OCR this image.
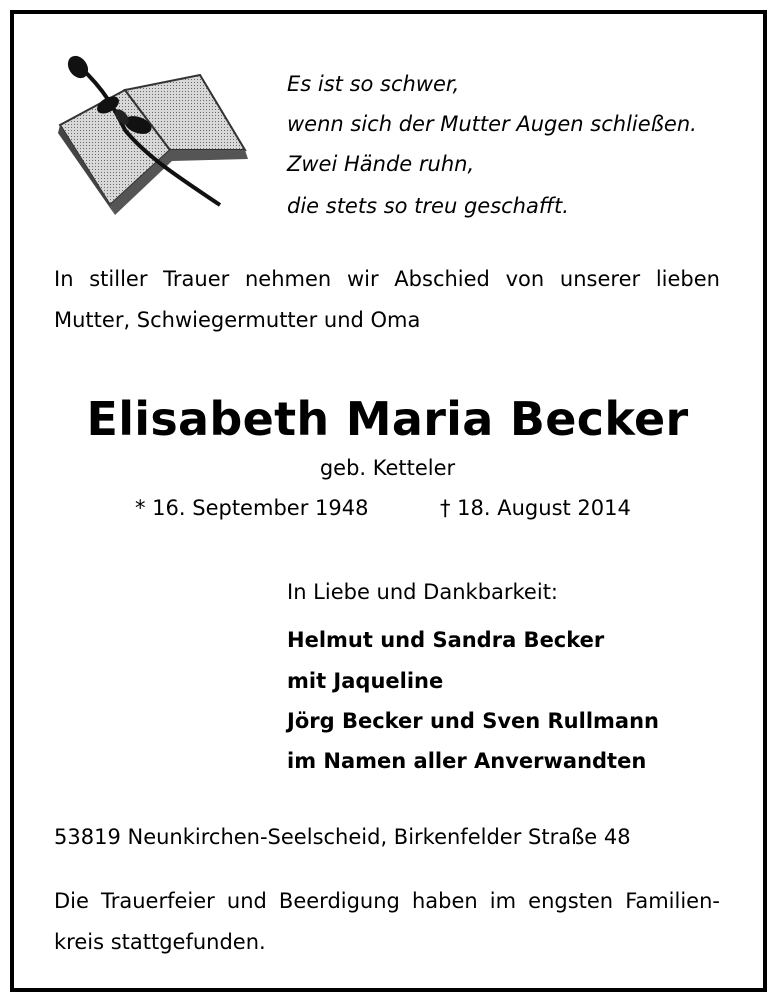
Es ist so schwer,
wenn sich der Mutter Augen schließen.
Zwei Hände ruhn,
die stets so treu geschafft.
In stiller Trauer nehmen wir Abschied von unserer lieben
Mutter, Schwiegermutter und Oma
Elisabeth Maria Becker
geb. Ketteler
* 16. September 1948	† 18. August 2014
In Liebe und Dankbarkeit:
Helmut und Sandra Becker
mit Jaqueline
Jörg Becker und Sven Rullmann
im Namen aller Anverwandten
53819 Neunkirchen-Seelscheid, Birkenfelder Straße 48
Die Trauerfeier und Beerdigung haben im engsten Familien-
kreis stattgefunden.
